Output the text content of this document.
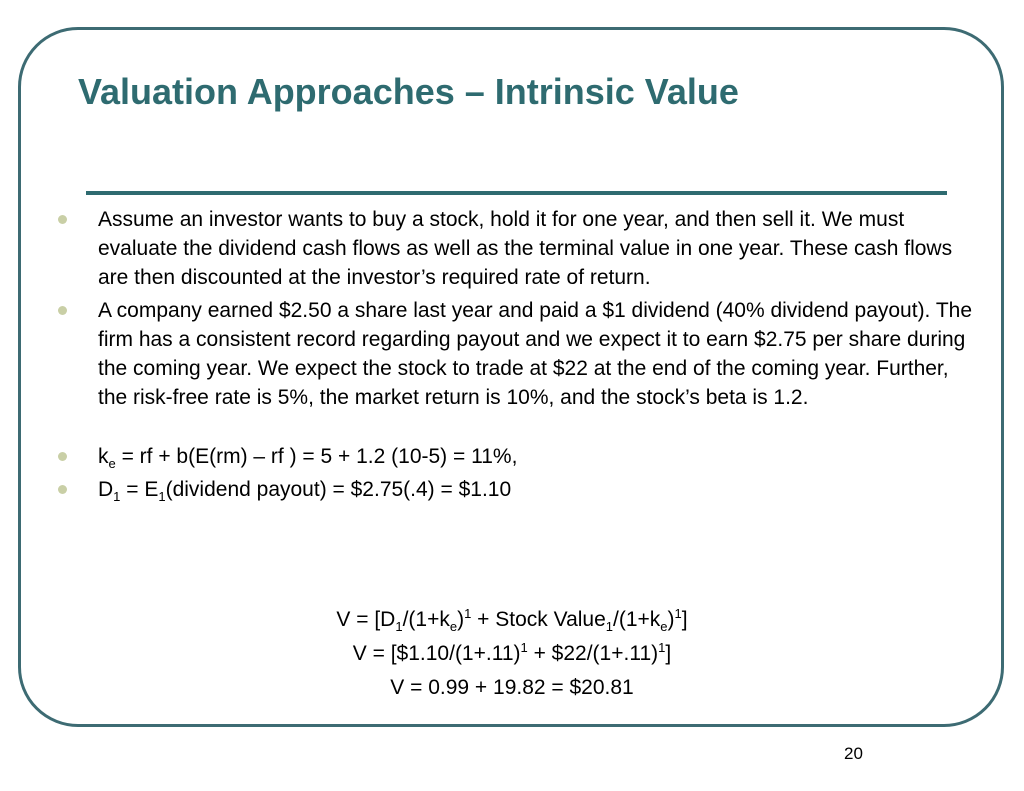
Valuation Approaches – Intrinsic Value
Assume an investor wants to buy a stock, hold it for one year, and then sell it. We must evaluate the dividend cash flows as well as the terminal value in one year. These cash flows are then discounted at the investor’s required rate of return.
A company earned $2.50 a share last year and paid a $1 dividend (40% dividend payout). The firm has a consistent record regarding payout and we expect it to earn $2.75 per share during the coming year. We expect the stock to trade at $22 at the end of the coming year. Further, the risk-free rate is 5%, the market return is 10%, and the stock’s beta is 1.2.
$k_e$ = rf + b(E(rm) – rf ) = 5 + 1.2 (10-5) = 11%,
$D_1$ = $E_1(dividend$ payout) = $2.75(.4) = $1.10
$V = [D_1/(1+k_e)^1$ + Stock $Value_1/(1+k_e)^1$]
$V = [\$1.10/(1+.11)^1$ + $\$22/(1+.11)^1$]
V = 0.99 + 19.82 = $20.81
20
